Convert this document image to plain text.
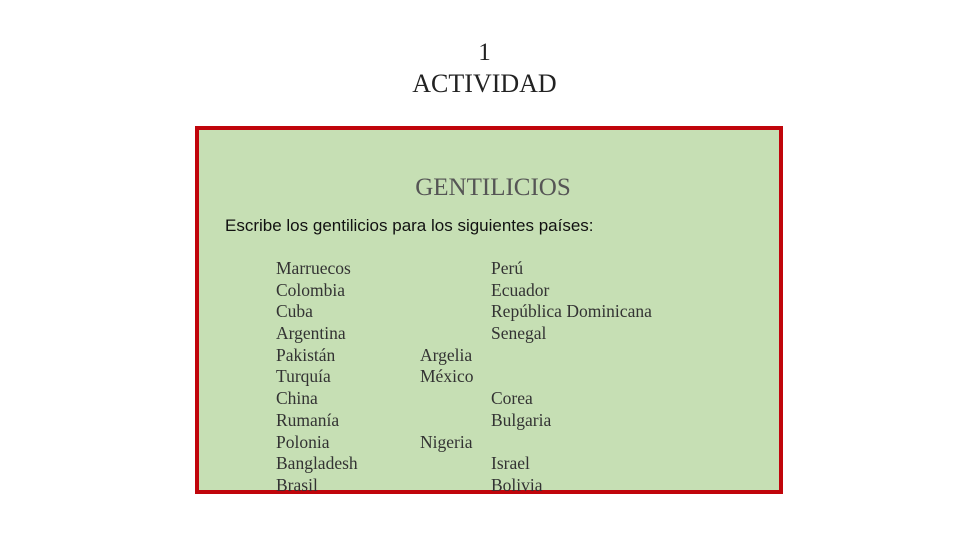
1
ACTIVIDAD
GENTILICIOS
Escribe los gentilicios para los siguientes países:
Marruecos
Colombia
Cuba
Argentina
Pakistán
Turquía
China
Rumanía
Polonia
Bangladesh
Brasil
Argelia
México
Nigeria
Perú
Ecuador
República Dominicana
Senegal
Corea
Bulgaria
Israel
Bolivia
